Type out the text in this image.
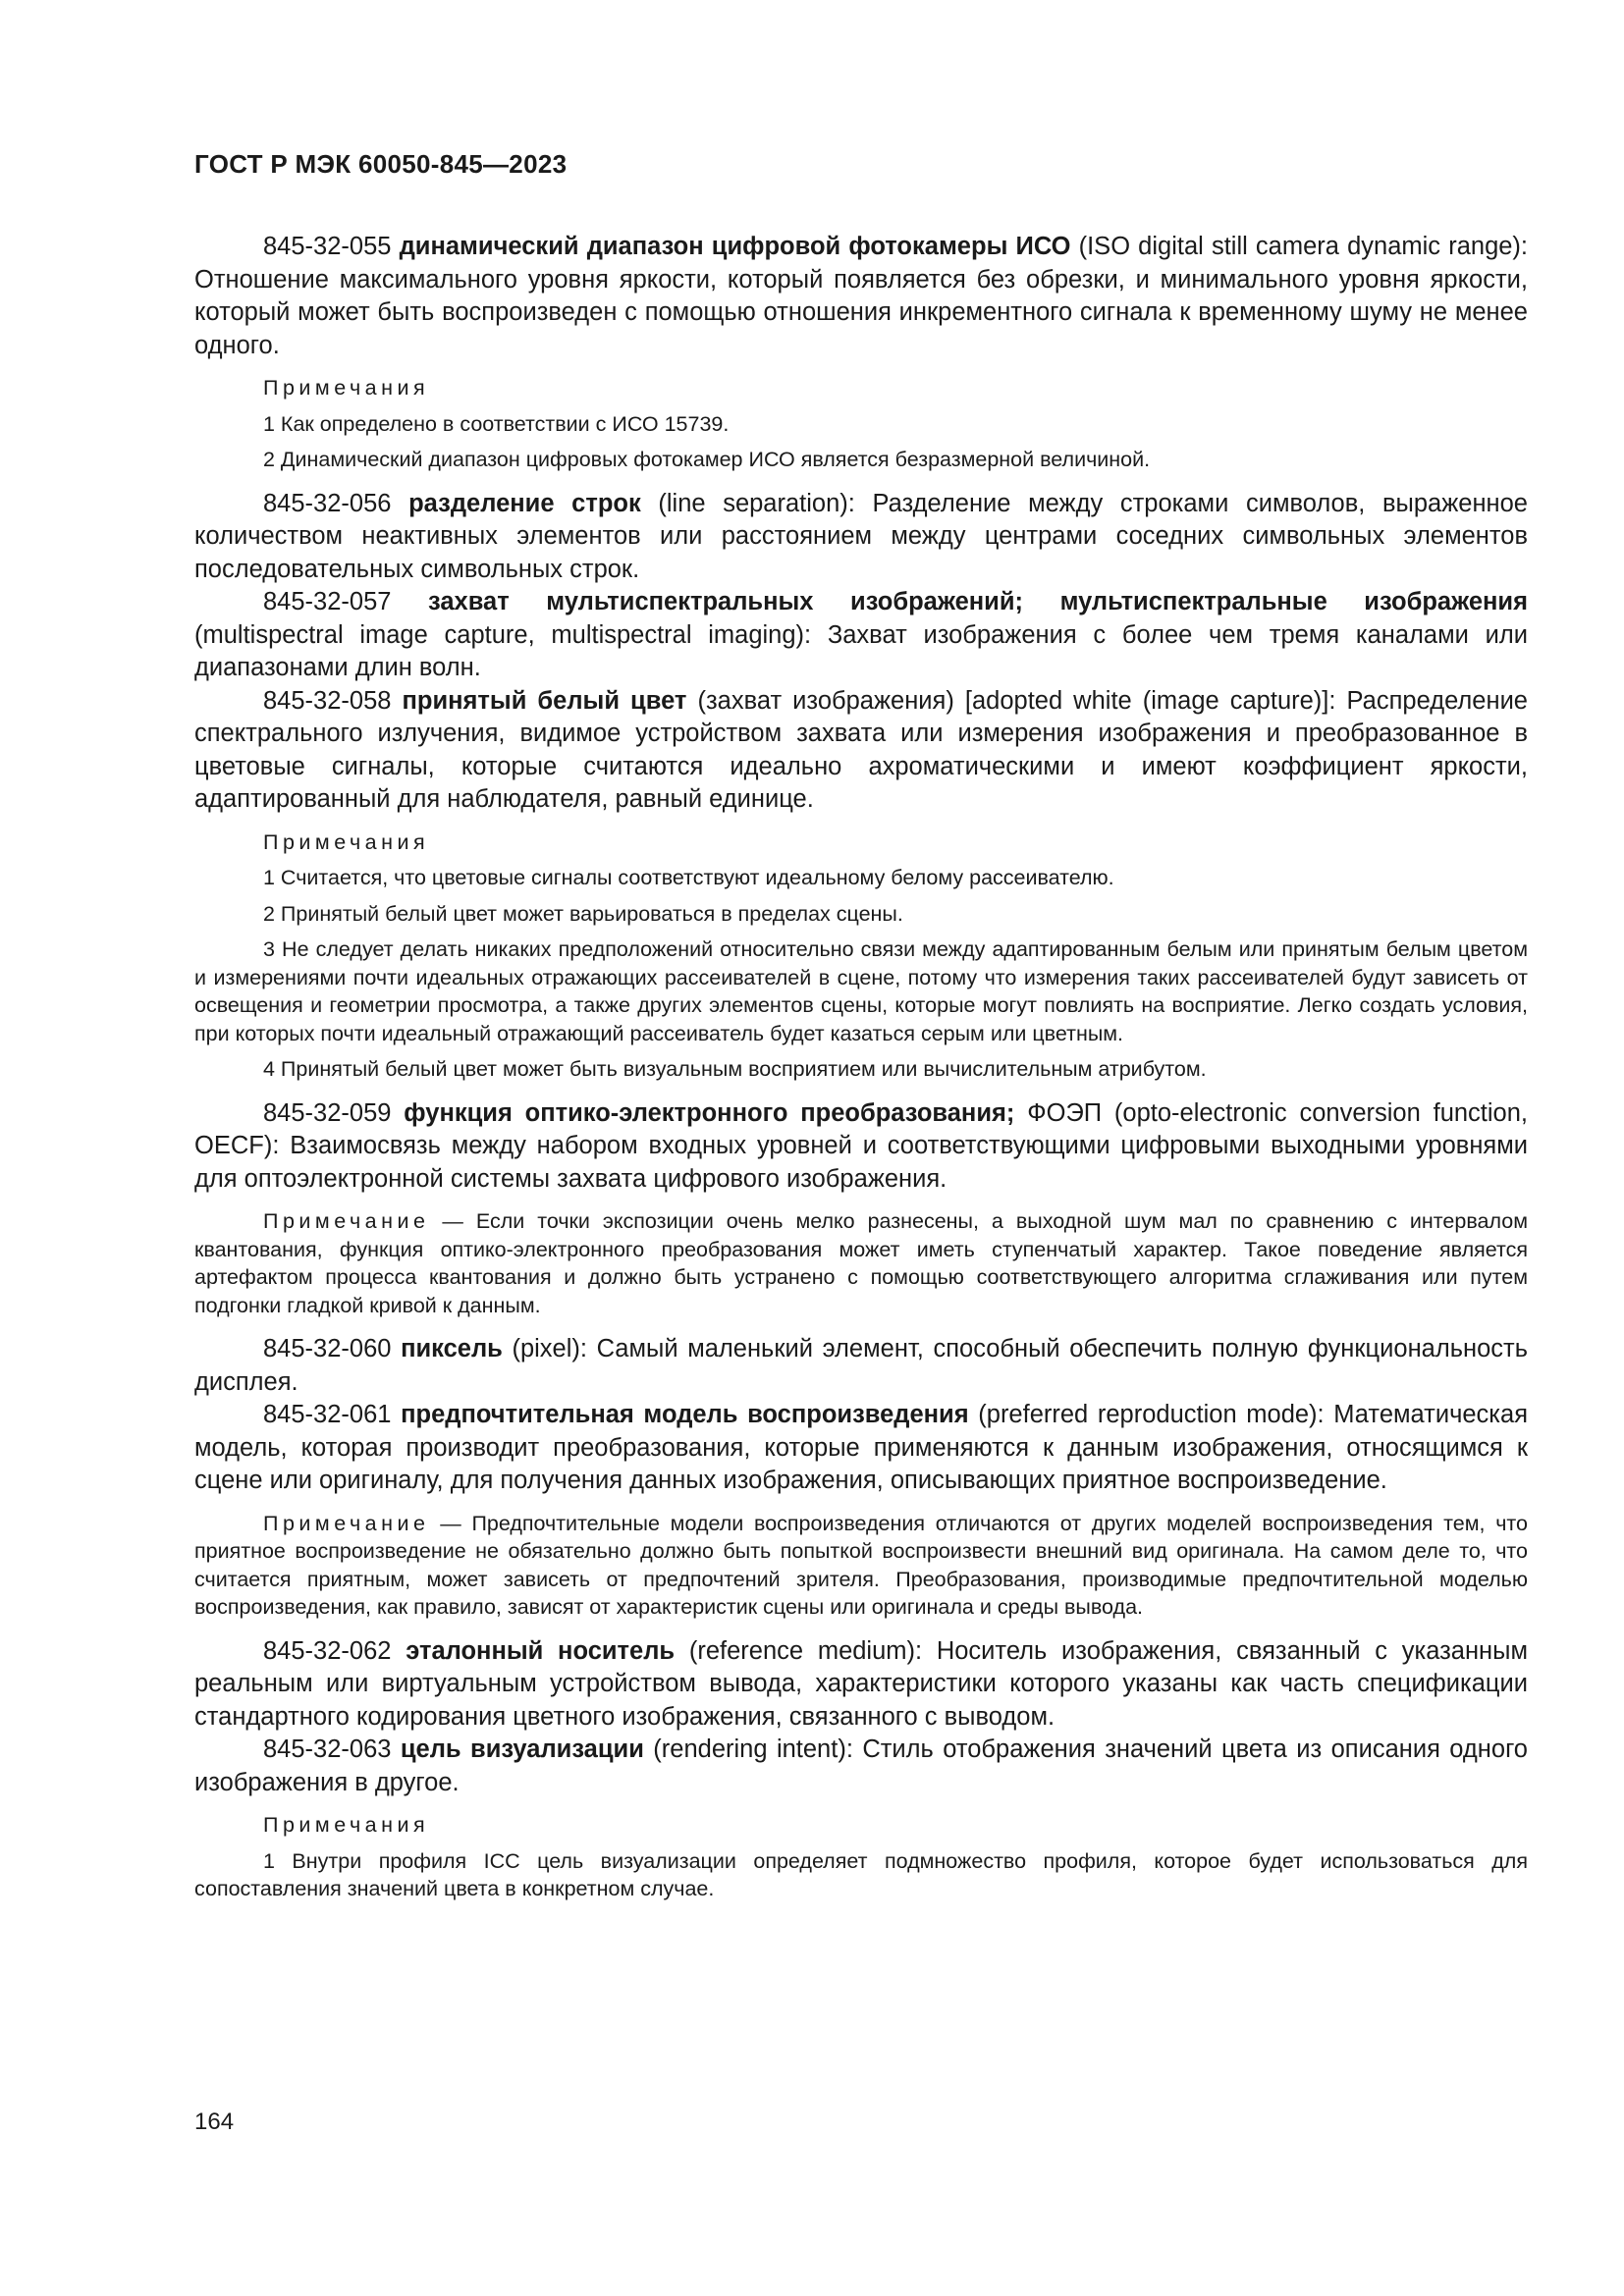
ГОСТ Р МЭК 60050-845—2023

845-32-055 динамический диапазон цифровой фотокамеры ИСО (ISO digital still camera dynamic range): Отношение максимального уровня яркости, который появляется без обрезки, и минимального уровня яркости, который может быть воспроизведен с помощью отношения инкрементного сигнала к временному шуму не менее одного.

Примечания

1 Как определено в соответствии с ИСО 15739.

2 Динамический диапазон цифровых фотокамер ИСО является безразмерной величиной.

845-32-056 разделение строк (line separation): Разделение между строками символов, выраженное количеством неактивных элементов или расстоянием между центрами соседних символьных элементов последовательных символьных строк.

845-32-057 захват мультиспектральных изображений; мультиспектральные изображения (multispectral image capture, multispectral imaging): Захват изображения с более чем тремя каналами или диапазонами длин волн.

845-32-058 принятый белый цвет (захват изображения) [adopted white (image capture)]: Распределение спектрального излучения, видимое устройством захвата или измерения изображения и преобразованное в цветовые сигналы, которые считаются идеально ахроматическими и имеют коэффициент яркости, адаптированный для наблюдателя, равный единице.

Примечания

1 Считается, что цветовые сигналы соответствуют идеальному белому рассеивателю.

2 Принятый белый цвет может варьироваться в пределах сцены.

3 Не следует делать никаких предположений относительно связи между адаптированным белым или принятым белым цветом и измерениями почти идеальных отражающих рассеивателей в сцене, потому что измерения таких рассеивателей будут зависеть от освещения и геометрии просмотра, а также других элементов сцены, которые могут повлиять на восприятие. Легко создать условия, при которых почти идеальный отражающий рассеиватель будет казаться серым или цветным.

4 Принятый белый цвет может быть визуальным восприятием или вычислительным атрибутом.

845-32-059 функция оптико-электронного преобразования; ФОЭП (opto-electronic conversion function, OECF): Взаимосвязь между набором входных уровней и соответствующими цифровыми выходными уровнями для оптоэлектронной системы захвата цифрового изображения.

Примечание — Если точки экспозиции очень мелко разнесены, а выходной шум мал по сравнению с интервалом квантования, функция оптико-электронного преобразования может иметь ступенчатый характер. Такое поведение является артефактом процесса квантования и должно быть устранено с помощью соответствующего алгоритма сглаживания или путем подгонки гладкой кривой к данным.

845-32-060 пиксель (pixel): Самый маленький элемент, способный обеспечить полную функциональность дисплея.

845-32-061 предпочтительная модель воспроизведения (preferred reproduction mode): Математическая модель, которая производит преобразования, которые применяются к данным изображения, относящимся к сцене или оригиналу, для получения данных изображения, описывающих приятное воспроизведение.

Примечание — Предпочтительные модели воспроизведения отличаются от других моделей воспроизведения тем, что приятное воспроизведение не обязательно должно быть попыткой воспроизвести внешний вид оригинала. На самом деле то, что считается приятным, может зависеть от предпочтений зрителя. Преобразования, производимые предпочтительной моделью воспроизведения, как правило, зависят от характеристик сцены или оригинала и среды вывода.

845-32-062 эталонный носитель (reference medium): Носитель изображения, связанный с указанным реальным или виртуальным устройством вывода, характеристики которого указаны как часть спецификации стандартного кодирования цветного изображения, связанного с выводом.

845-32-063 цель визуализации (rendering intent): Стиль отображения значений цвета из описания одного изображения в другое.

Примечания

1 Внутри профиля ICC цель визуализации определяет подмножество профиля, которое будет использоваться для сопоставления значений цвета в конкретном случае.

164
